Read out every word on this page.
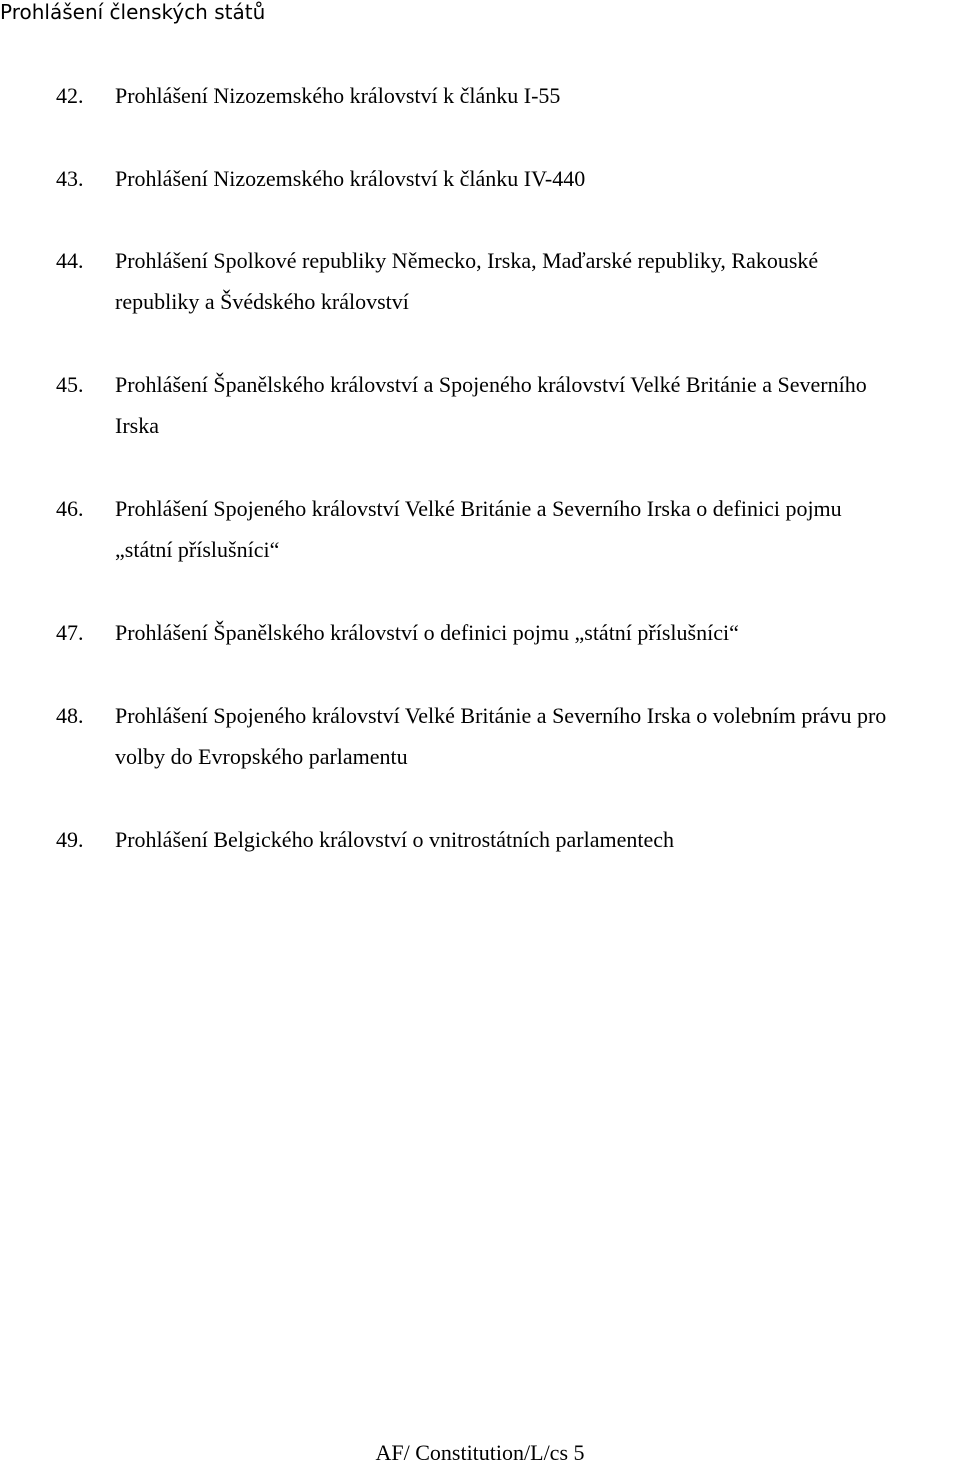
Prohlášení členských států
42. Prohlášení Nizozemského království k článku I-55
43. Prohlášení Nizozemského království k článku IV-440
44. Prohlášení Spolkové republiky Německo, Irska, Maďarské republiky, Rakouské
republiky a Švédského království
45. Prohlášení Španělského království a Spojeného království Velké Británie a Severního
Irska
46. Prohlášení Spojeného království Velké Británie a Severního Irska o definici pojmu
„státní příslušníci“
47. Prohlášení Španělského království o definici pojmu „státní příslušníci“
48. Prohlášení Spojeného království Velké Británie a Severního Irska o volebním právu pro
volby do Evropského parlamentu
49. Prohlášení Belgického království o vnitrostátních parlamentech
AF/ Constitution/L/cs 5
